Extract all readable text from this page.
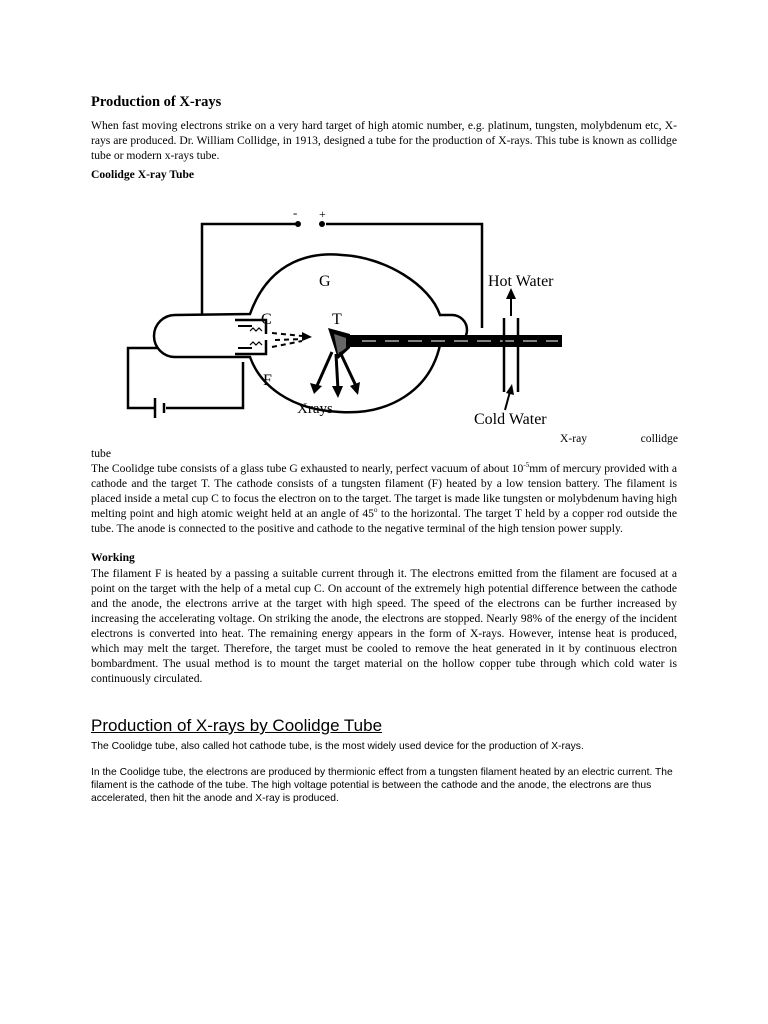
Production of X-rays
When fast moving electrons strike on a very hard target of high atomic number, e.g. platinum, tungsten, molybdenum etc, X-rays are produced. Dr. William Collidge, in 1913, designed a tube for the production of X-rays. This tube is known as collidge tube or modern x-rays tube.
Coolidge X-ray Tube
- +
G
C	T
F
Xrays
Hot Water
Cold Water
X-ray collidge
tube
The Coolidge tube consists of a glass tube G exhausted to nearly, perfect vacuum of about $10^{-5}mm$ of mercury provided with a cathode and the target T. The cathode consists of a tungsten filament (F) heated by a low tension battery. The filament is placed inside a metal cup C to focus the electron on to the target. The target is made like tungsten or molybdenum having high melting point and high atomic weight held at an angle of 45$^o$ to the horizontal. The target T held by a copper rod outside the tube. The anode is connected to the positive and cathode to the negative terminal of the high tension power supply.
Working
The filament F is heated by a passing a suitable current through it. The electrons emitted from the filament are focused at a point on the target with the help of a metal cup C. On account of the extremely high potential difference between the cathode and the anode, the electrons arrive at the target with high speed. The speed of the electrons can be further increased by increasing the accelerating voltage. On striking the anode, the electrons are stopped. Nearly 98% of the energy of the incident electrons is converted into heat. The remaining energy appears in the form of X-rays. However, intense heat is produced, which may melt the target. Therefore, the target must be cooled to remove the heat generated in it by continuous electron bombardment. The usual method is to mount the target material on the hollow copper tube through which cold water is continuously circulated.
Production of X-rays by Coolidge Tube
The Coolidge tube, also called hot cathode tube, is the most widely used device for the production of X-rays.
In the Coolidge tube, the electrons are produced by thermionic effect from a tungsten filament heated by an electric current. The filament is the cathode of the tube. The high voltage potential is between the cathode and the anode, the electrons are thus accelerated, then hit the anode and X-ray is produced.
